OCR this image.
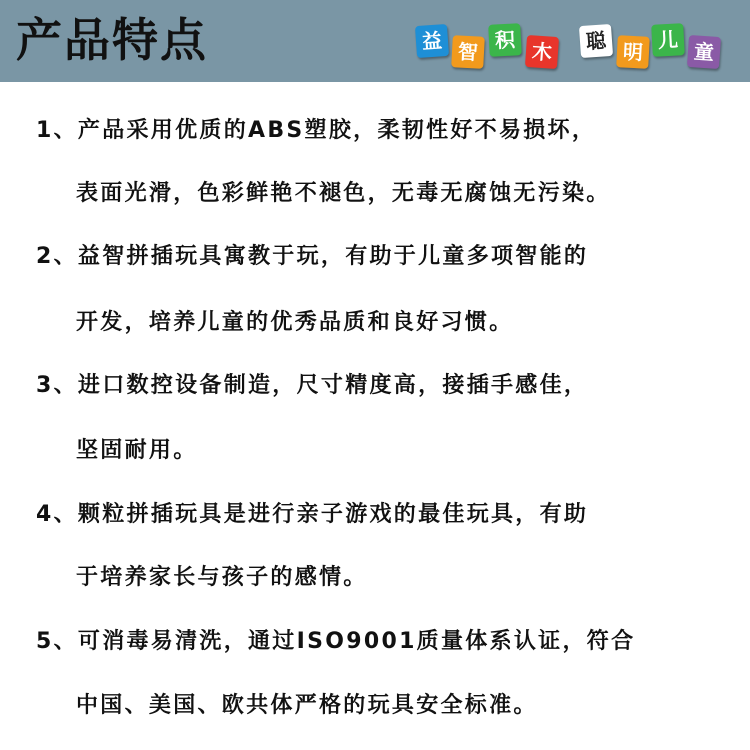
产品特点	益 智 积 木	聪 明 儿 童
1、产品采用优质的ABS塑胶，柔韧性好不易损坏，
表面光滑，色彩鲜艳不褪色，无毒无腐蚀无污染。
2、益智拼插玩具寓教于玩，有助于儿童多项智能的
开发，培养儿童的优秀品质和良好习惯。
3、进口数控设备制造，尺寸精度高，接插手感佳，
坚固耐用。
4、颗粒拼插玩具是进行亲子游戏的最佳玩具，有助
于培养家长与孩子的感情。
5、可消毒易清洗，通过ISO9001质量体系认证，符合
中国、美国、欧共体严格的玩具安全标准。
